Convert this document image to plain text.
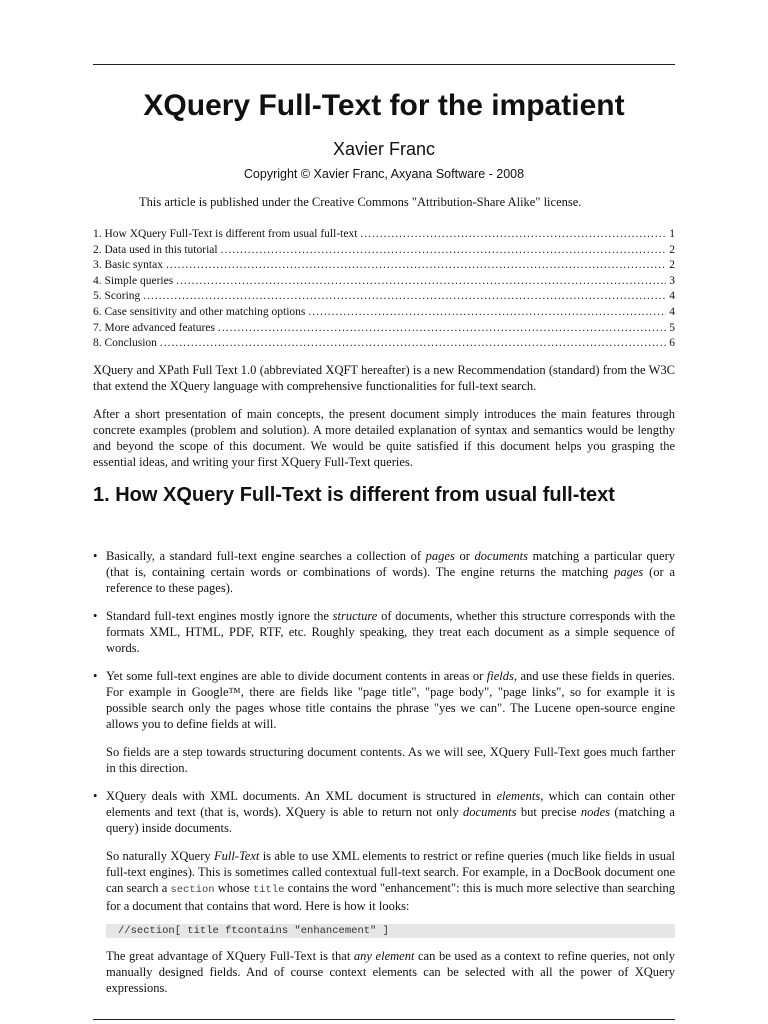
XQuery Full-Text for the impatient

Xavier Franc

Copyright © Xavier Franc, Axyana Software - 2008

This article is published under the Creative Commons "Attribution-Share Alike" license.

1. How XQuery Full-Text is different from usual full-text .....	1
2. Data used in this tutorial .....	2
3. Basic syntax .....	2
4. Simple queries .....	3
5. Scoring .....	4
6. Case sensitivity and other matching options .....	4
7. More advanced features .....	5
8. Conclusion .....	6

XQuery and XPath Full Text 1.0 (abbreviated XQFT hereafter) is a new Recommendation (standard) from the W3C that extend the XQuery language with comprehensive functionalities for full-text search.

After a short presentation of main concepts, the present document simply introduces the main features through concrete examples (problem and solution). A more detailed explanation of syntax and semantics would be lengthy and beyond the scope of this document. We would be quite satisfied if this document helps you grasping the essential ideas, and writing your first XQuery Full-Text queries.

1. How XQuery Full-Text is different from usual full-text
• Basically, a standard full-text engine searches a collection of pages or documents matching a particular query (that is, containing certain words or combinations of words). The engine returns the matching pages (or a reference to these pages).

• Standard full-text engines mostly ignore the structure of documents, whether this structure corresponds with the formats XML, HTML, PDF, RTF, etc. Roughly speaking, they treat each document as a simple sequence of words.

• Yet some full-text engines are able to divide document contents in areas or fields, and use these fields in queries. For example in Google™, there are fields like "page title", "page body", "page links", so for example it is possible search only the pages whose title contains the phrase "yes we can". The Lucene open-source engine allows you to define fields at will.

So fields are a step towards structuring document contents. As we will see, XQuery Full-Text goes much farther in this direction.

• XQuery deals with XML documents. An XML document is structured in elements, which can contain other elements and text (that is, words). XQuery is able to return not only documents but precise nodes (matching a query) inside documents.

So naturally XQuery Full-Text is able to use XML elements to restrict or refine queries (much like fields in usual full-text engines). This is sometimes called contextual full-text search. For example, in a DocBook document one can search a section whose title contains the word "enhancement": this is much more selective than searching for a document that contains that word. Here is how it looks:

//section[ title ftcontains "enhancement" ]

The great advantage of XQuery Full-Text is that any element can be used as a context to refine queries, not only manually designed fields. And of course context elements can be selected with all the power of XQuery expressions.
